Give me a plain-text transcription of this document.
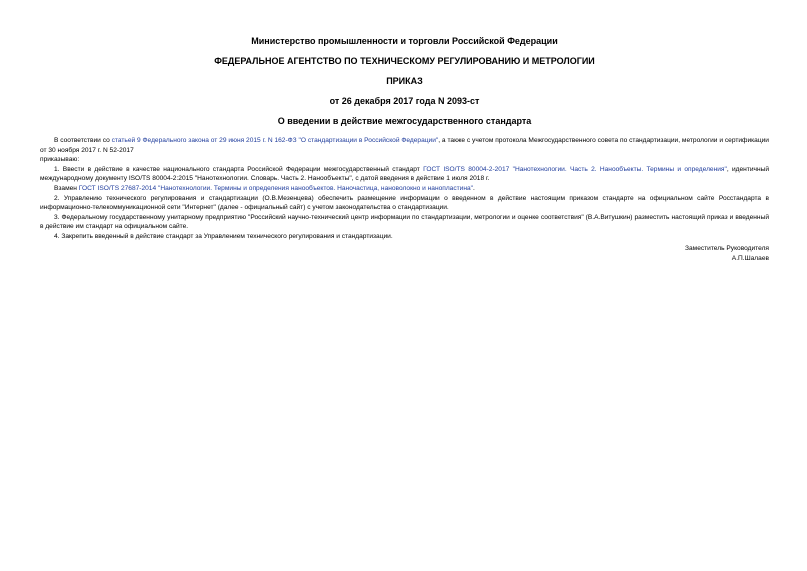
Министерство промышленности и торговли Российской Федерации
ФЕДЕРАЛЬНОЕ АГЕНТСТВО ПО ТЕХНИЧЕСКОМУ РЕГУЛИРОВАНИЮ И МЕТРОЛОГИИ
ПРИКАЗ
от 26 декабря 2017 года N 2093-ст
О введении в действие межгосударственного стандарта

В соответствии со статьей 9 Федерального закона от 29 июня 2015 г. N 162-ФЗ "О стандартизации в Российской Федерации", а также с учетом протокола Межгосударственного совета по стандартизации, метрологии и сертификации от 30 ноября 2017 г. N 52-2017

приказываю:

1. Ввести в действие в качестве национального стандарта Российской Федерации межгосударственный стандарт ГОСТ ISO/TS 80004-2-2017 "Нанотехнологии. Часть 2. Нанообъекты. Термины и определения", идентичный международному документу ISO/TS 80004-2:2015 "Нанотехнологии. Словарь. Часть 2. Нанообъекты", с датой введения в действие 1 июля 2018 г.

Взамен ГОСТ ISO/TS 27687-2014 "Нанотехнологии. Термины и определения нанообъектов. Наночастица, нановолокно и нанопластина".

2. Управлению технического регулирования и стандартизации (О.В.Мезенцева) обеспечить размещение информации о введенном в действие настоящим приказом стандарте на официальном сайте Росстандарта в информационно-телекоммуникационной сети "Интернет" (далее - официальный сайт) с учетом законодательства о стандартизации.

3. Федеральному государственному унитарному предприятию "Российский научно-технический центр информации по стандартизации, метрологии и оценке соответствия" (В.А.Витушкин) разместить настоящий приказ и введенный в действие им стандарт на официальном сайте.

4. Закрепить введенный в действие стандарт за Управлением технического регулирования и стандартизации.

Заместитель Руководителя
А.П.Шалаев
